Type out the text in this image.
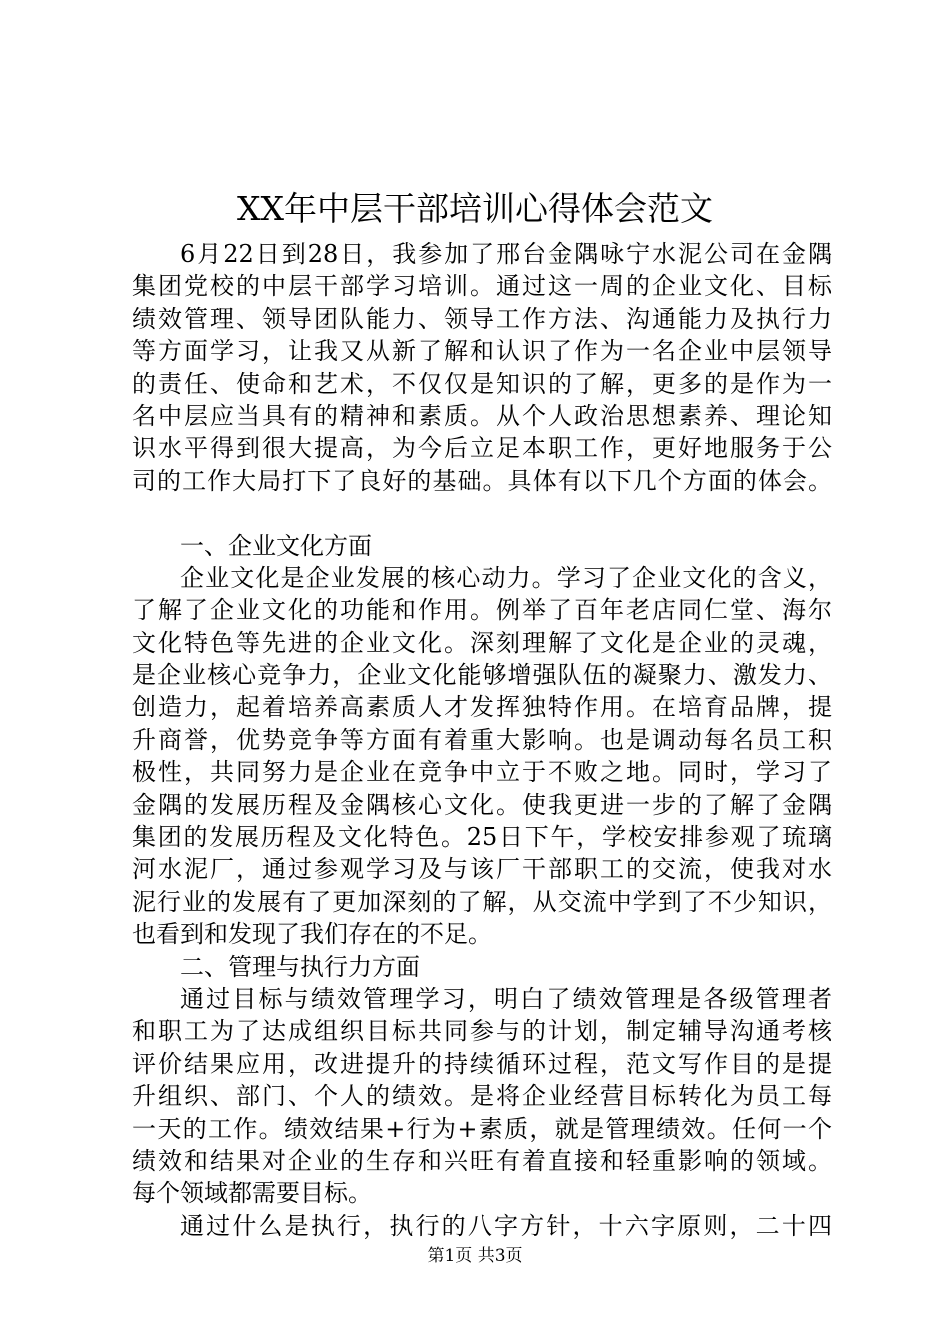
XX年中层干部培训心得体会范文
6月22日到28日，我参加了邢台金隅咏宁水泥公司在金隅
集团党校的中层干部学习培训。通过这一周的企业文化、目标
绩效管理、领导团队能力、领导工作方法、沟通能力及执行力
等方面学习，让我又从新了解和认识了作为一名企业中层领导
的责任、使命和艺术，不仅仅是知识的了解，更多的是作为一
名中层应当具有的精神和素质。从个人政治思想素养、理论知
识水平得到很大提高，为今后立足本职工作，更好地服务于公
司的工作大局打下了良好的基础。具体有以下几个方面的体会。
一、企业文化方面
企业文化是企业发展的核心动力。学习了企业文化的含义，
了解了企业文化的功能和作用。例举了百年老店同仁堂、海尔
文化特色等先进的企业文化。深刻理解了文化是企业的灵魂，
是企业核心竞争力，企业文化能够增强队伍的凝聚力、激发力、
创造力，起着培养高素质人才发挥独特作用。在培育品牌，提
升商誉，优势竞争等方面有着重大影响。也是调动每名员工积
极性，共同努力是企业在竞争中立于不败之地。同时，学习了
金隅的发展历程及金隅核心文化。使我更进一步的了解了金隅
集团的发展历程及文化特色。25日下午，学校安排参观了琉璃
河水泥厂，通过参观学习及与该厂干部职工的交流，使我对水
泥行业的发展有了更加深刻的了解，从交流中学到了不少知识，
也看到和发现了我们存在的不足。
二、管理与执行力方面
通过目标与绩效管理学习，明白了绩效管理是各级管理者
和职工为了达成组织目标共同参与的计划，制定辅导沟通考核
评价结果应用，改进提升的持续循环过程，范文写作目的是提
升组织、部门、个人的绩效。是将企业经营目标转化为员工每
一天的工作。绩效结果+行为+素质，就是管理绩效。任何一个
绩效和结果对企业的生存和兴旺有着直接和轻重影响的领域。
每个领域都需要目标。
通过什么是执行，执行的八字方针，十六字原则，二十四
第1页 共3页
